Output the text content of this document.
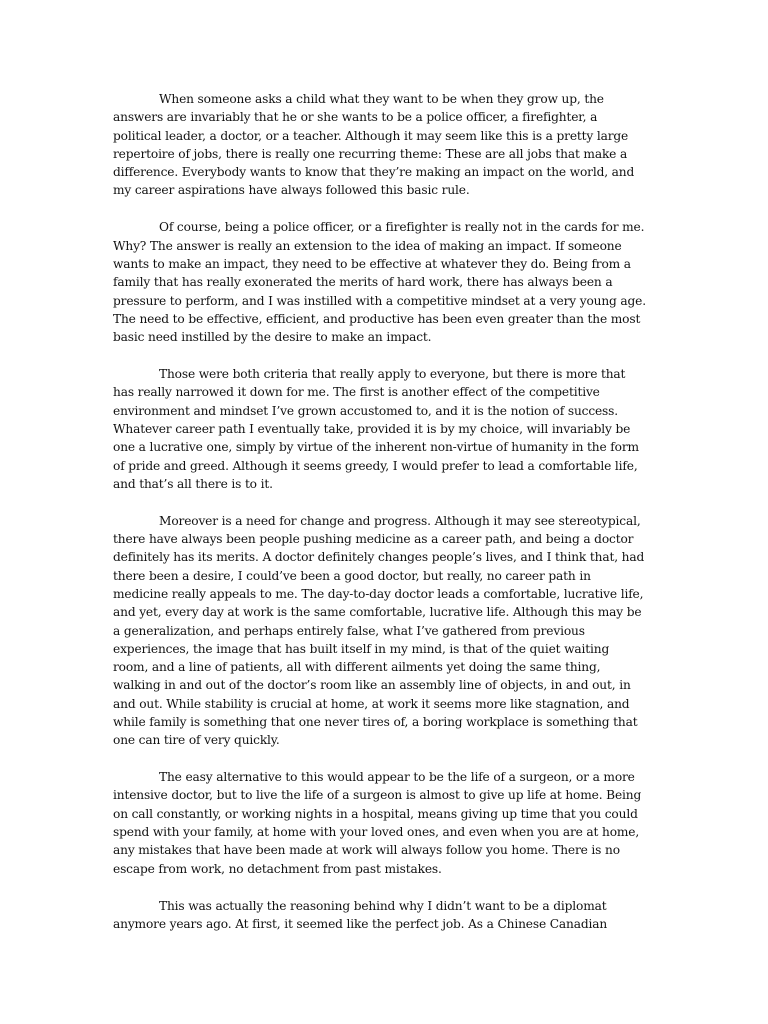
When someone asks a child what they want to be when they grow up, the answers are invariably that he or she wants to be a police officer, a firefighter, a political leader, a doctor, or a teacher. Although it may seem like this is a pretty large repertoire of jobs, there is really one recurring theme: These are all jobs that make a difference. Everybody wants to know that they’re making an impact on the world, and my career aspirations have always followed this basic rule.

Of course, being a police officer, or a firefighter is really not in the cards for me. Why? The answer is really an extension to the idea of making an impact. If someone wants to make an impact, they need to be effective at whatever they do. Being from a family that has really exonerated the merits of hard work, there has always been a pressure to perform, and I was instilled with a competitive mindset at a very young age. The need to be effective, efficient, and productive has been even greater than the most basic need instilled by the desire to make an impact.

Those were both criteria that really apply to everyone, but there is more that has really narrowed it down for me. The first is another effect of the competitive environment and mindset I’ve grown accustomed to, and it is the notion of success. Whatever career path I eventually take, provided it is by my choice, will invariably be one a lucrative one, simply by virtue of the inherent non-virtue of humanity in the form of pride and greed. Although it seems greedy, I would prefer to lead a comfortable life, and that’s all there is to it.

Moreover is a need for change and progress. Although it may see stereotypical, there have always been people pushing medicine as a career path, and being a doctor definitely has its merits. A doctor definitely changes people’s lives, and I think that, had there been a desire, I could’ve been a good doctor, but really, no career path in medicine really appeals to me. The day-to-day doctor leads a comfortable, lucrative life, and yet, every day at work is the same comfortable, lucrative life. Although this may be a generalization, and perhaps entirely false, what I’ve gathered from previous experiences, the image that has built itself in my mind, is that of the quiet waiting room, and a line of patients, all with different ailments yet doing the same thing, walking in and out of the doctor’s room like an assembly line of objects, in and out, in and out. While stability is crucial at home, at work it seems more like stagnation, and while family is something that one never tires of, a boring workplace is something that one can tire of very quickly.

The easy alternative to this would appear to be the life of a surgeon, or a more intensive doctor, but to live the life of a surgeon is almost to give up life at home. Being on call constantly, or working nights in a hospital, means giving up time that you could spend with your family, at home with your loved ones, and even when you are at home, any mistakes that have been made at work will always follow you home. There is no escape from work, no detachment from past mistakes.

This was actually the reasoning behind why I didn’t want to be a diplomat anymore years ago. At first, it seemed like the perfect job. As a Chinese Canadian
